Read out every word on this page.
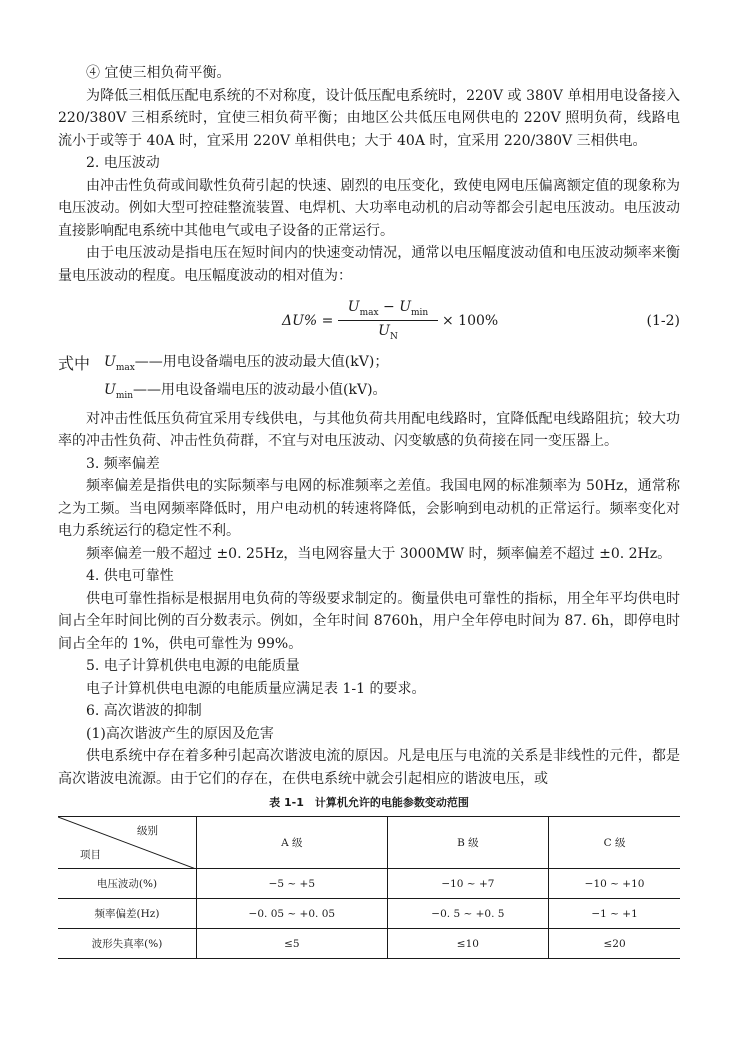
④ 宜使三相负荷平衡。

为降低三相低压配电系统的不对称度，设计低压配电系统时，220V 或 380V 单相用电设备接入 220/380V 三相系统时，宜使三相负荷平衡；由地区公共低压电网供电的 220V 照明负荷，线路电流小于或等于 40A 时，宜采用 220V 单相供电；大于 40A 时，宜采用 220/380V 三相供电。

2. 电压波动

由冲击性负荷或间歇性负荷引起的快速、剧烈的电压变化，致使电网电压偏离额定值的现象称为电压波动。例如大型可控硅整流装置、电焊机、大功率电动机的启动等都会引起电压波动。电压波动直接影响配电系统中其他电气或电子设备的正常运行。

由于电压波动是指电压在短时间内的快速变动情况，通常以电压幅度波动值和电压波动频率来衡量电压波动的程度。电压幅度波动的相对值为：

ΔU% =
$U_{max} - U_{min}$
$U_N$
× 100%	(1-2)
式中 $U_{max}——$用电设备端电压的波动最大值(kV)；
$U_{min}——$用电设备端电压的波动最小值(kV)。

对冲击性低压负荷宜采用专线供电，与其他负荷共用配电线路时，宜降低配电线路阻抗；较大功率的冲击性负荷、冲击性负荷群，不宜与对电压波动、闪变敏感的负荷接在同一变压器上。

3. 频率偏差

频率偏差是指供电的实际频率与电网的标准频率之差值。我国电网的标准频率为 50Hz，通常称之为工频。当电网频率降低时，用户电动机的转速将降低，会影响到电动机的正常运行。频率变化对电力系统运行的稳定性不利。

频率偏差一般不超过 ±0. 25Hz，当电网容量大于 3000MW 时，频率偏差不超过 ±0. 2Hz。

4. 供电可靠性

供电可靠性指标是根据用电负荷的等级要求制定的。衡量供电可靠性的指标，用全年平均供电时间占全年时间比例的百分数表示。例如，全年时间 8760h，用户全年停电时间为 87. 6h，即停电时间占全年的 1%，供电可靠性为 99%。

5. 电子计算机供电电源的电能质量

电子计算机供电电源的电能质量应满足表 1-1 的要求。

6. 高次谐波的抑制

(1)高次谐波产生的原因及危害

供电系统中存在着多种引起高次谐波电流的原因。凡是电压与电流的关系是非线性的元件，都是高次谐波电流源。由于它们的存在，在供电系统中就会引起相应的谐波电压，或

表 1-1　计算机允许的电能参数变动范围
级别
项目	A 级	B 级	C 级
电压波动(%)	−5 ~ +5	−10 ~ +7	−10 ~ +10
频率偏差(Hz)	−0. 05 ~ +0. 05	−0. 5 ~ +0. 5	−1 ~ +1
波形失真率(%)	≤5	≤10	≤20
